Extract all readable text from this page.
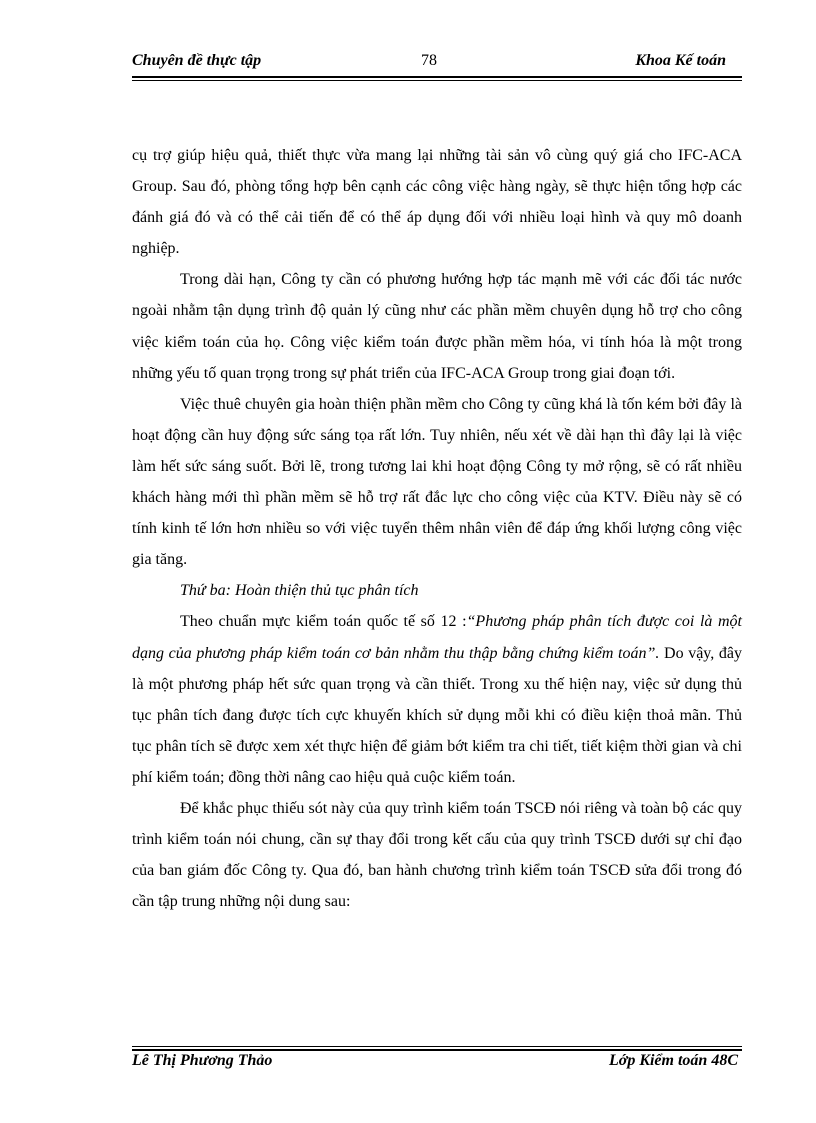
Chuyên đề thực tập	78	Khoa Kế toán

cụ trợ giúp hiệu quả, thiết thực vừa mang lại những tài sản vô cùng quý giá cho IFC-ACA Group. Sau đó, phòng tổng hợp bên cạnh các công việc hàng ngày, sẽ thực hiện tổng hợp các đánh giá đó và có thể cải tiến để có thể áp dụng đối với nhiều loại hình và quy mô doanh nghiệp.

Trong dài hạn, Công ty cần có phương hướng hợp tác mạnh mẽ với các đối tác nước ngoài nhằm tận dụng trình độ quản lý cũng như các phần mềm chuyên dụng hỗ trợ cho công việc kiểm toán của họ. Công việc kiểm toán được phần mềm hóa, vi tính hóa là một trong những yếu tố quan trọng trong sự phát triển của IFC-ACA Group trong giai đoạn tới.

Việc thuê chuyên gia hoàn thiện phần mềm cho Công ty cũng khá là tốn kém bởi đây là hoạt động cần huy động sức sáng tọa rất lớn. Tuy nhiên, nếu xét về dài hạn thì đây lại là việc làm hết sức sáng suốt. Bởi lẽ, trong tương lai khi hoạt động Công ty mở rộng, sẽ có rất nhiều khách hàng mới thì phần mềm sẽ hỗ trợ rất đắc lực cho công việc của KTV. Điều này sẽ có tính kinh tế lớn hơn nhiều so với việc tuyển thêm nhân viên để đáp ứng khối lượng công việc gia tăng.

Thứ ba: Hoàn thiện thủ tục phân tích

Theo chuẩn mực kiểm toán quốc tế số 12 :“Phương pháp phân tích được coi là một dạng của phương pháp kiểm toán cơ bản nhằm thu thập bằng chứng kiểm toán”. Do vậy, đây là một phương pháp hết sức quan trọng và cần thiết. Trong xu thế hiện nay, việc sử dụng thủ tục phân tích đang được tích cực khuyến khích sử dụng mỗi khi có điều kiện thoả mãn. Thủ tục phân tích sẽ được xem xét thực hiện để giảm bớt kiểm tra chi tiết, tiết kiệm thời gian và chi phí kiểm toán; đồng thời nâng cao hiệu quả cuộc kiểm toán.

Để khắc phục thiếu sót này của quy trình kiểm toán TSCĐ nói riêng và toàn bộ các quy trình kiểm toán nói chung, cần sự thay đổi trong kết cấu của quy trình TSCĐ dưới sự chỉ đạo của ban giám đốc Công ty. Qua đó, ban hành chương trình kiểm toán TSCĐ sửa đổi trong đó cần tập trung những nội dung sau:

Lê Thị Phương Thảo	Lớp Kiểm toán 48C
